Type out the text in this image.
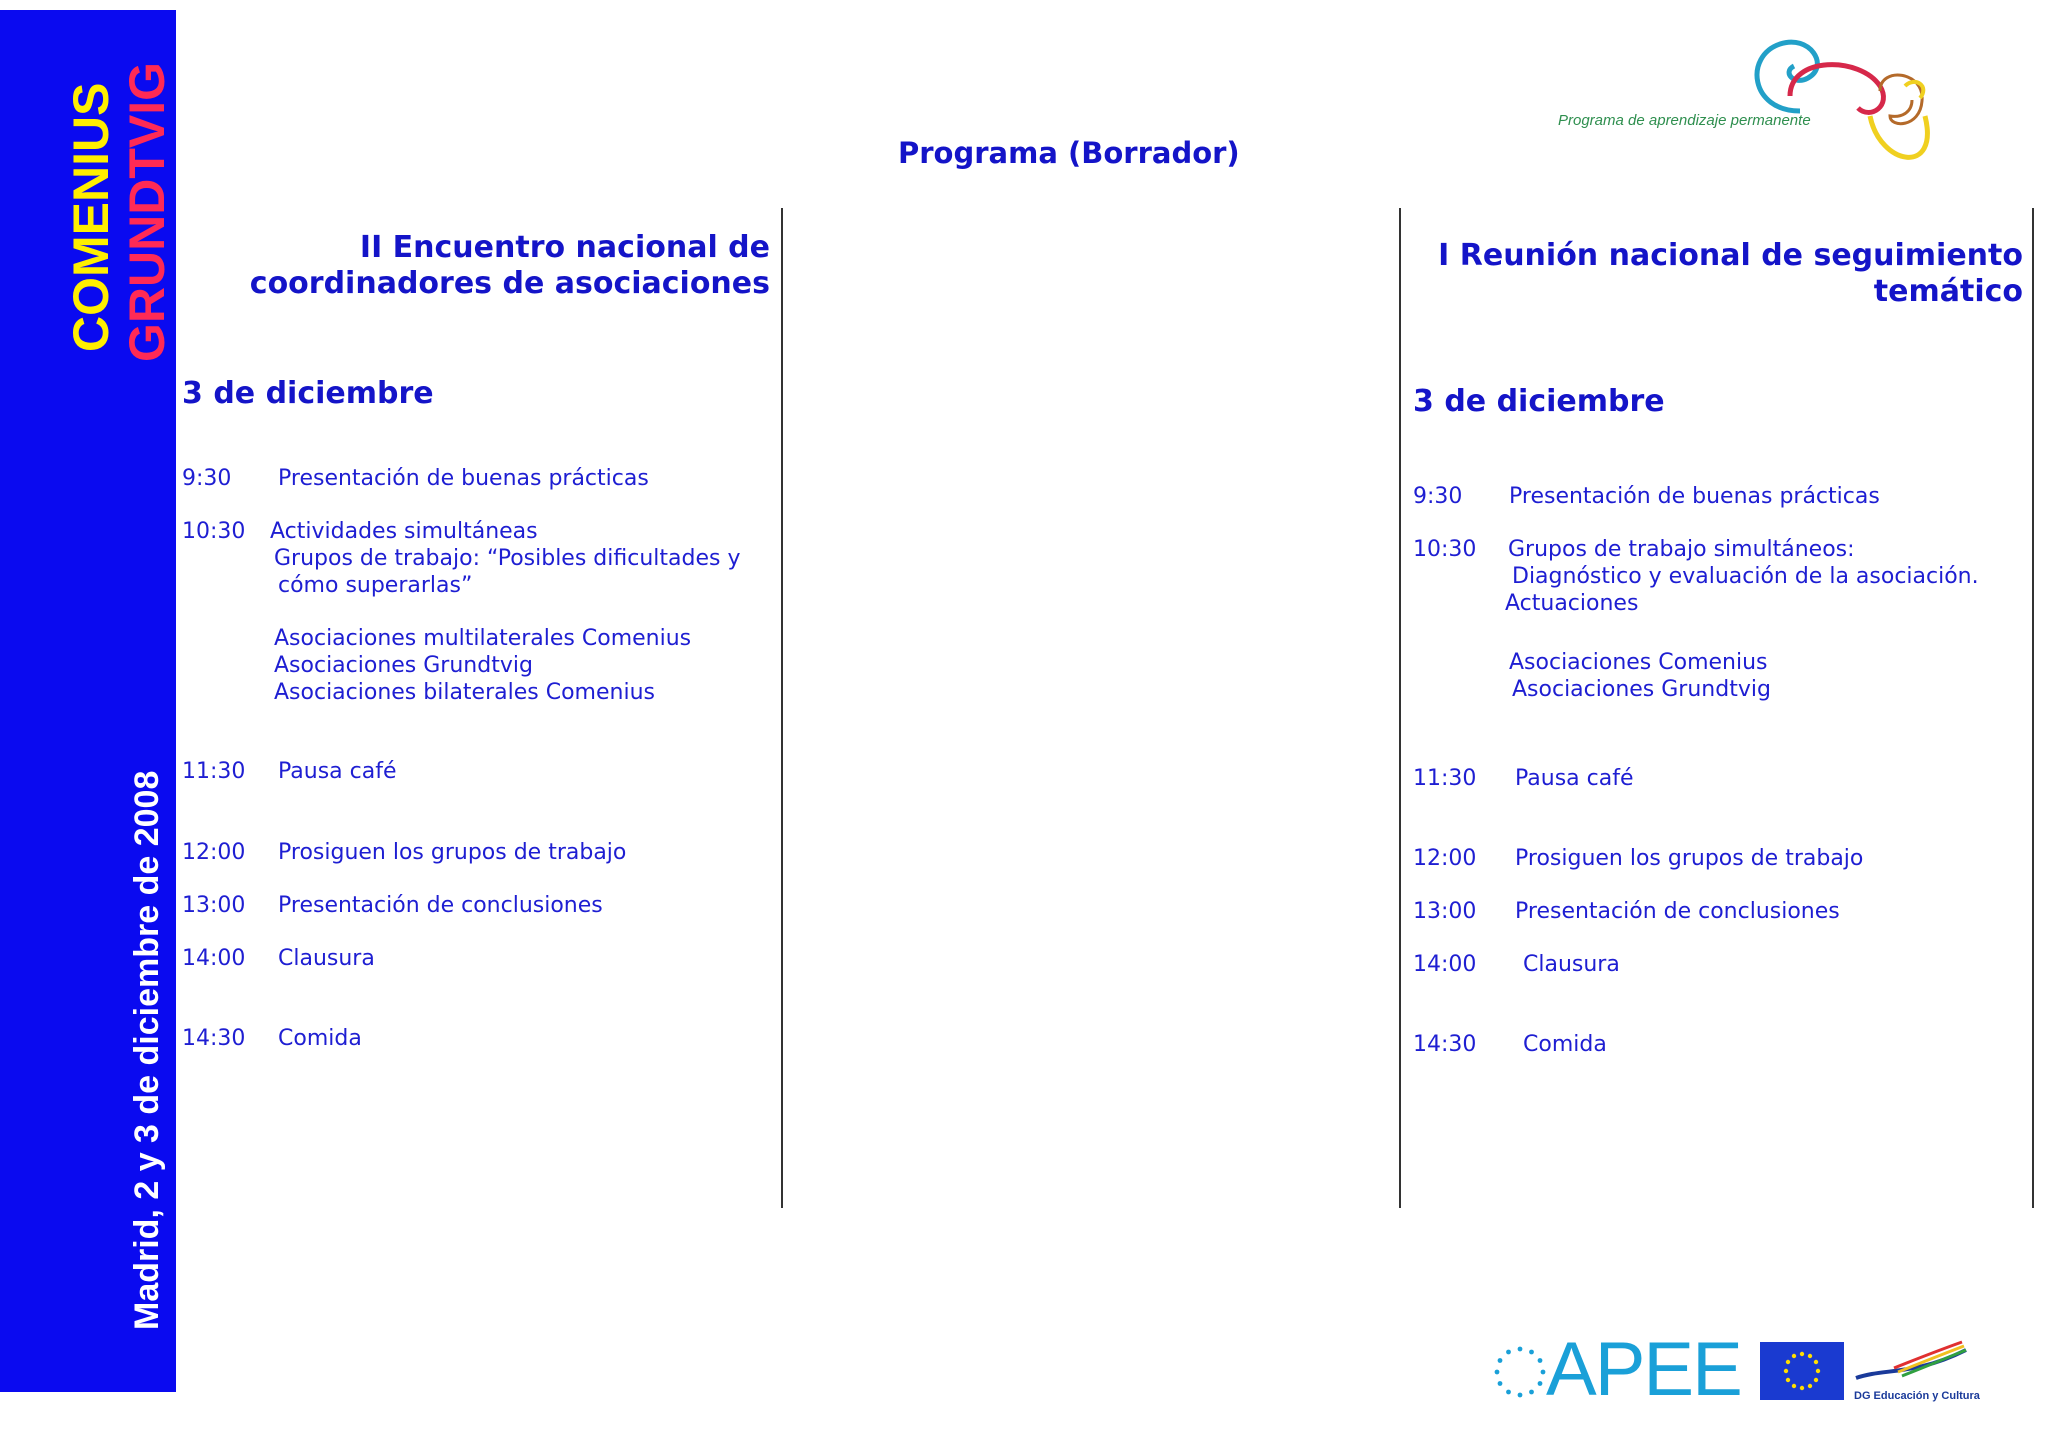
COMENIUS GRUNDTVIG
Madrid, 2 y 3 de diciembre de 2008
Programa de aprendizaje permanente
Programa (Borrador)
II Encuentro nacional de
coordinadores de asociaciones
3 de diciembre
9:30 Presentación de buenas prácticas
10:30 Actividades simultáneas
Grupos de trabajo: “Posibles dificultades y
cómo superarlas”
Asociaciones multilaterales Comenius
Asociaciones Grundtvig
Asociaciones bilaterales Comenius
11:30 Pausa café
12:00 Prosiguen los grupos de trabajo
13:00 Presentación de conclusiones
14:00 Clausura
14:30 Comida
I Reunión nacional de seguimiento
temático
3 de diciembre
9:30 Presentación de buenas prácticas
10:30 Grupos de trabajo simultáneos:
Diagnóstico y evaluación de la asociación.
Actuaciones
Asociaciones Comenius
Asociaciones Grundtvig
11:30 Pausa café
12:00 Prosiguen los grupos de trabajo
13:00 Presentación de conclusiones
14:00 Clausura
14:30 Comida
APEE	DG Educación y Cultura
